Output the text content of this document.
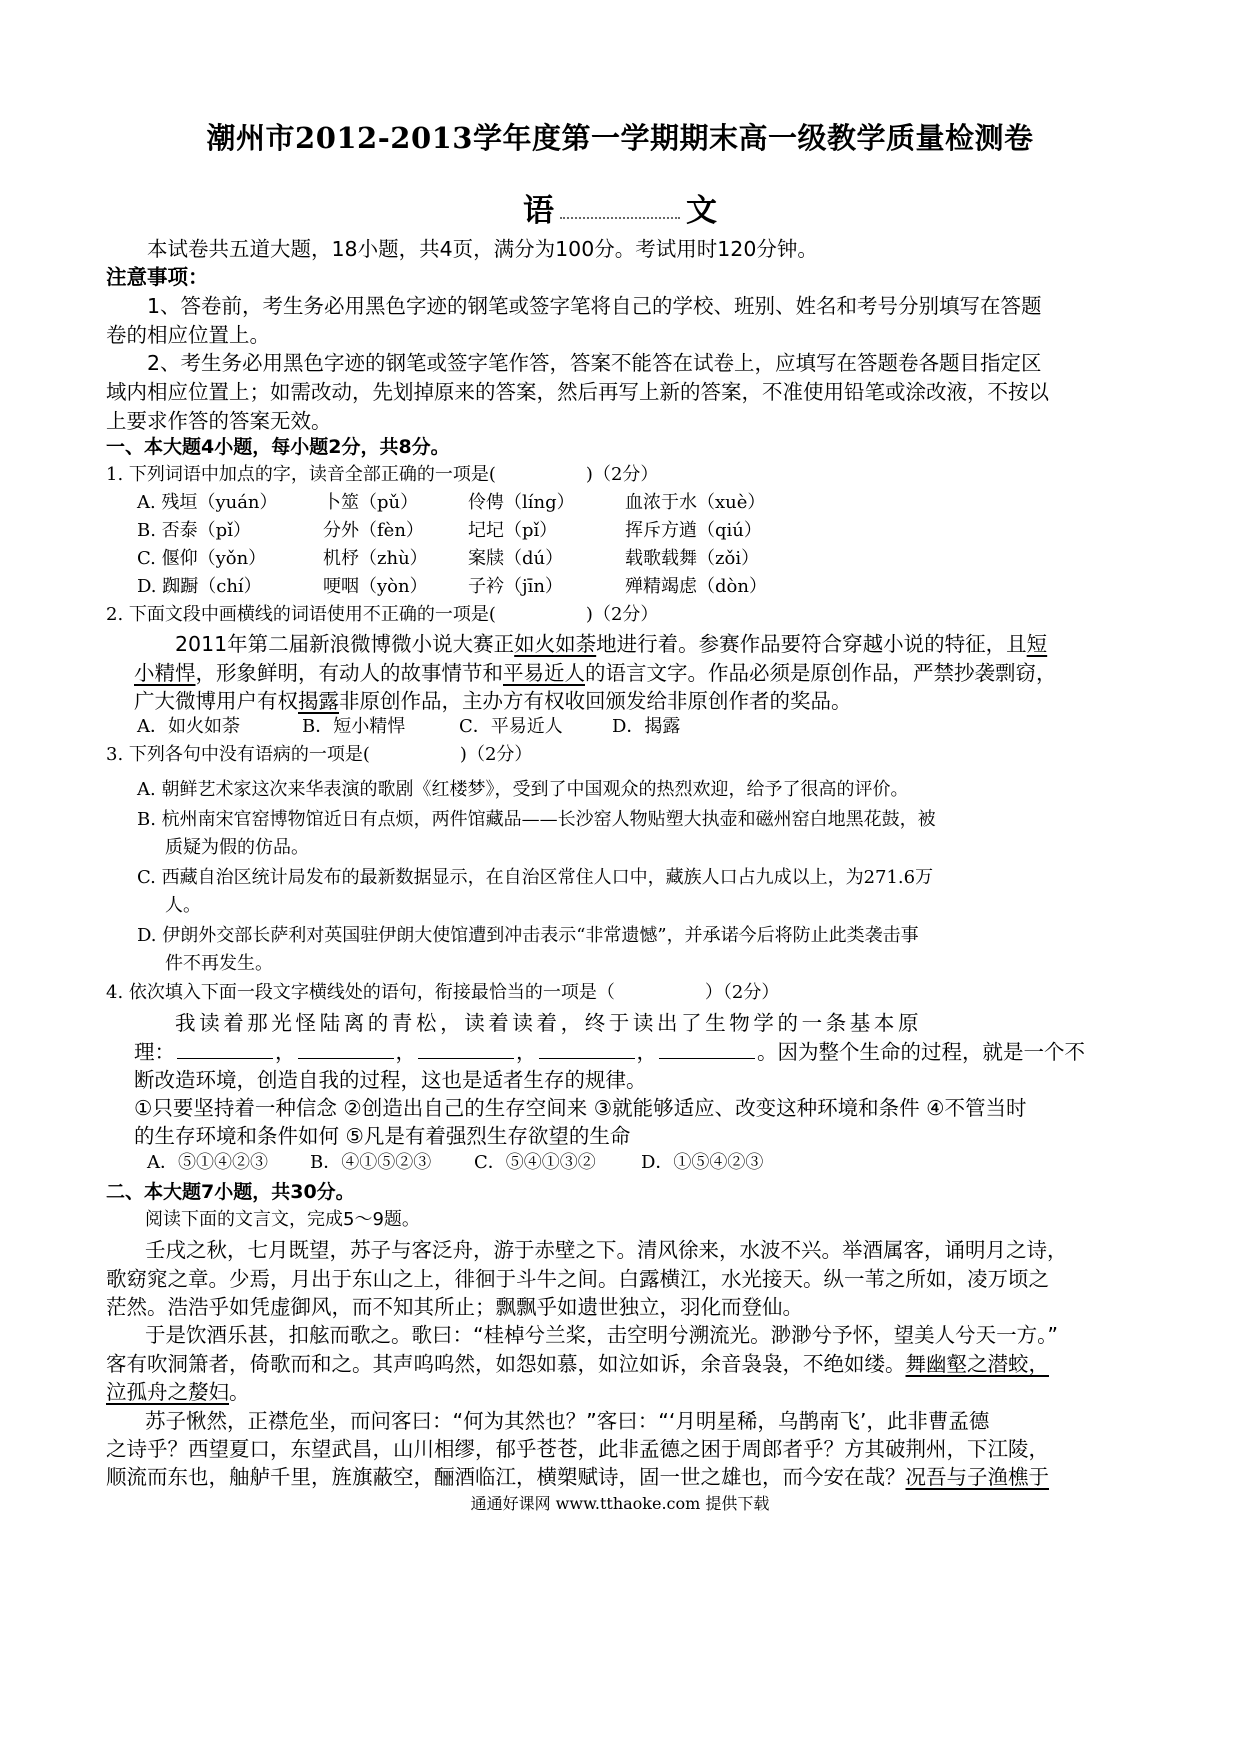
潮州市2012-2013学年度第一学期期末高一级教学质量检测卷
语	文
本试卷共五道大题，18小题，共4页，满分为100分。考试用时120分钟。
注意事项：
1、答卷前，考生务必用黑色字迹的钢笔或签字笔将自己的学校、班别、姓名和考号分别填写在答题
卷的相应位置上。
2、考生务必用黑色字迹的钢笔或签字笔作答，答案不能答在试卷上，应填写在答题卷各题目指定区
域内相应位置上；如需改动，先划掉原来的答案，然后再写上新的答案，不准使用铅笔或涂改液，不按以
上要求作答的答案无效。
一、本大题4小题，每小题2分，共8分。
1. 下列词语中加点的字，读音全部正确的一项是(　　　　　)（2分）
A. 残垣（yuán）	卜筮（pǔ）	伶俜（líng）	血浓于水（xuè）
B. 否泰（pǐ）	分外（fèn） 圮圮（pǐ）	挥斥方遒（qiú）
C. 偃仰（yǒn）	机杼（zhù） 案牍（dú）	载歌载舞（zǒi）
D. 踟蹰（chí）	哽咽（yòn） 子衿（jīn）	殚精竭虑（dòn）
2. 下面文段中画横线的词语使用不正确的一项是(　　　　　)（2分）
2011年第二届新浪微博微小说大赛正如火如荼地进行着。参赛作品要符合穿越小说的特征，且短
小精悍，形象鲜明，有动人的故事情节和平易近人的语言文字。作品必须是原创作品，严禁抄袭剽窃，
广大微博用户有权揭露非原创作品，主办方有权收回颁发给非原创作者的奖品。
A．如火如荼	B．短小精悍	C．平易近人	D．揭露
3. 下列各句中没有语病的一项是(　　　　　)（2分）
A. 朝鲜艺术家这次来华表演的歌剧《红楼梦》，受到了中国观众的热烈欢迎，给予了很高的评价。
B. 杭州南宋官窑博物馆近日有点烦，两件馆藏品——长沙窑人物贴塑大执壶和磁州窑白地黑花鼓，被
质疑为假的仿品。
C. 西藏自治区统计局发布的最新数据显示，在自治区常住人口中，藏族人口占九成以上，为271.6万
人。
D. 伊朗外交部长萨利对英国驻伊朗大使馆遭到冲击表示“非常遗憾”，并承诺今后将防止此类袭击事
件不再发生。
4. 依次填入下面一段文字横线处的语句，衔接最恰当的一项是（　　　　　）（2分）
我读着那光怪陆离的青松，读着读着，终于读出了生物学的一条基本原
理：	，	，	，	，	。因为整个生命的过程，就是一个不
断改造环境，创造自我的过程，这也是适者生存的规律。
①只要坚持着一种信念 ②创造出自己的生存空间来 ③就能够适应、改变这种环境和条件 ④不管当时
的生存环境和条件如何 ⑤凡是有着强烈生存欲望的生命
A．⑤①④②③ B．④①⑤②③ C．⑤④①③②	D．①⑤④②③
二、本大题7小题，共30分。
阅读下面的文言文，完成5～9题。
壬戌之秋，七月既望，苏子与客泛舟，游于赤壁之下。清风徐来，水波不兴。举酒属客，诵明月之诗，
歌窈窕之章。少焉，月出于东山之上，徘徊于斗牛之间。白露横江，水光接天。纵一苇之所如，凌万顷之
茫然。浩浩乎如凭虚御风，而不知其所止；飘飘乎如遗世独立，羽化而登仙。
于是饮酒乐甚，扣舷而歌之。歌曰：“桂棹兮兰桨，击空明兮溯流光。渺渺兮予怀，望美人兮天一方。”
客有吹洞箫者，倚歌而和之。其声呜呜然，如怨如慕，如泣如诉，余音袅袅，不绝如缕。舞幽壑之潜蛟，
泣孤舟之嫠妇。
苏子愀然，正襟危坐，而问客曰：“何为其然也？”客曰：“‘月明星稀，乌鹊南飞’，此非曹孟德
之诗乎？西望夏口，东望武昌，山川相缪，郁乎苍苍，此非孟德之困于周郎者乎？方其破荆州，下江陵，
顺流而东也，舳舻千里，旌旗蔽空，酾酒临江，横槊赋诗，固一世之雄也，而今安在哉？况吾与子渔樵于
通通好课网 www.tthaoke.com 提供下载
